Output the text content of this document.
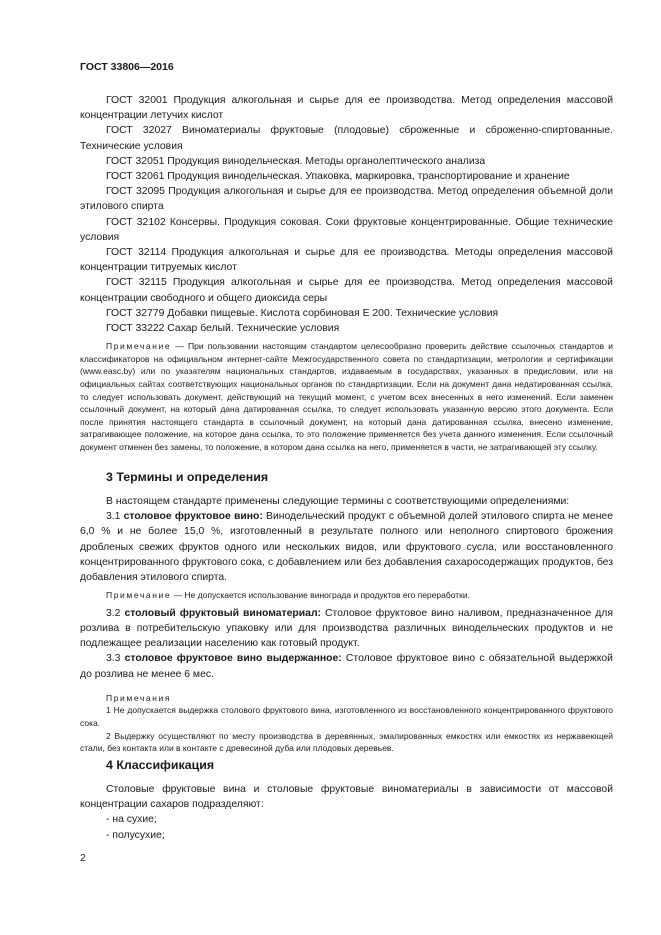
ГОСТ 33806—2016

ГОСТ 32001 Продукция алкогольная и сырье для ее производства. Метод определения массовой концентрации летучих кислот

ГОСТ 32027 Виноматериалы фруктовые (плодовые) сброженные и сброженно-спиртованные. Технические условия

ГОСТ 32051 Продукция винодельческая. Методы органолептического анализа

ГОСТ 32061 Продукция винодельческая. Упаковка, маркировка, транспортирование и хранение

ГОСТ 32095 Продукция алкогольная и сырье для ее производства. Метод определения объемной доли этилового спирта

ГОСТ 32102 Консервы. Продукция соковая. Соки фруктовые концентрированные. Общие технические условия

ГОСТ 32114 Продукция алкогольная и сырье для ее производства. Методы определения массовой концентрации титруемых кислот

ГОСТ 32115 Продукция алкогольная и сырье для ее производства. Метод определения массовой концентрации свободного и общего диоксида серы

ГОСТ 32779 Добавки пищевые. Кислота сорбиновая Е 200. Технические условия

ГОСТ 33222 Сахар белый. Технические условия

Примечание — При пользовании настоящим стандартом целесообразно проверить действие ссылочных стандартов и классификаторов на официальном интернет-сайте Межгосударственного совета по стандартизации, метрологии и сертификации (www.easc.by) или по указателям национальных стандартов, издаваемым в государствах, указанных в предисловии, или на официальных сайтах соответствующих национальных органов по стандартизации. Если на документ дана недатированная ссылка, то следует использовать документ, действующий на текущий момент, с учетом всех внесенных в него изменений. Если заменен ссылочный документ, на который дана датированная ссылка, то следует использовать указанную версию этого документа. Если после принятия настоящего стандарта в ссылочный документ, на который дана датированная ссылка, внесено изменение, затрагивающее положение, на которое дана ссылка, то это положение применяется без учета данного изменения. Если ссылочный документ отменен без замены, то положение, в котором дана ссылка на него, применяется в части, не затрагивающей эту ссылку.

3 Термины и определения

В настоящем стандарте применены следующие термины с соответствующими определениями:

3.1 столовое фруктовое вино: Винодельческий продукт с объемной долей этилового спирта не менее 6,0 % и не более 15,0 %, изготовленный в результате полного или неполного спиртового брожения дробленых свежих фруктов одного или нескольких видов, или фруктового сусла, или восстановленного концентрированного фруктового сока, с добавлением или без добавления сахаросодержащих продуктов, без добавления этилового спирта.

Примечание — Не допускается использование винограда и продуктов его переработки.

3.2 столовый фруктовый виноматериал: Столовое фруктовое вино наливом, предназначенное для розлива в потребительскую упаковку или для производства различных винодельческих продуктов и не подлежащее реализации населению как готовый продукт.

3.3 столовое фруктовое вино выдержанное: Столовое фруктовое вино с обязательной выдержкой до розлива не менее 6 мес.

Примечания

1 Не допускается выдержка столового фруктового вина, изготовленного из восстановленного концентрированного фруктового сока.

2 Выдержку осуществляют по месту производства в деревянных, эмалированных емкостях или емкостях из нержавеющей стали, без контакта или в контакте с древесиной дуба или плодовых деревьев.

4 Классификация

Столовые фруктовые вина и столовые фруктовые виноматериалы в зависимости от массовой концентрации сахаров подразделяют:

- на сухие;

- полусухие;

2
